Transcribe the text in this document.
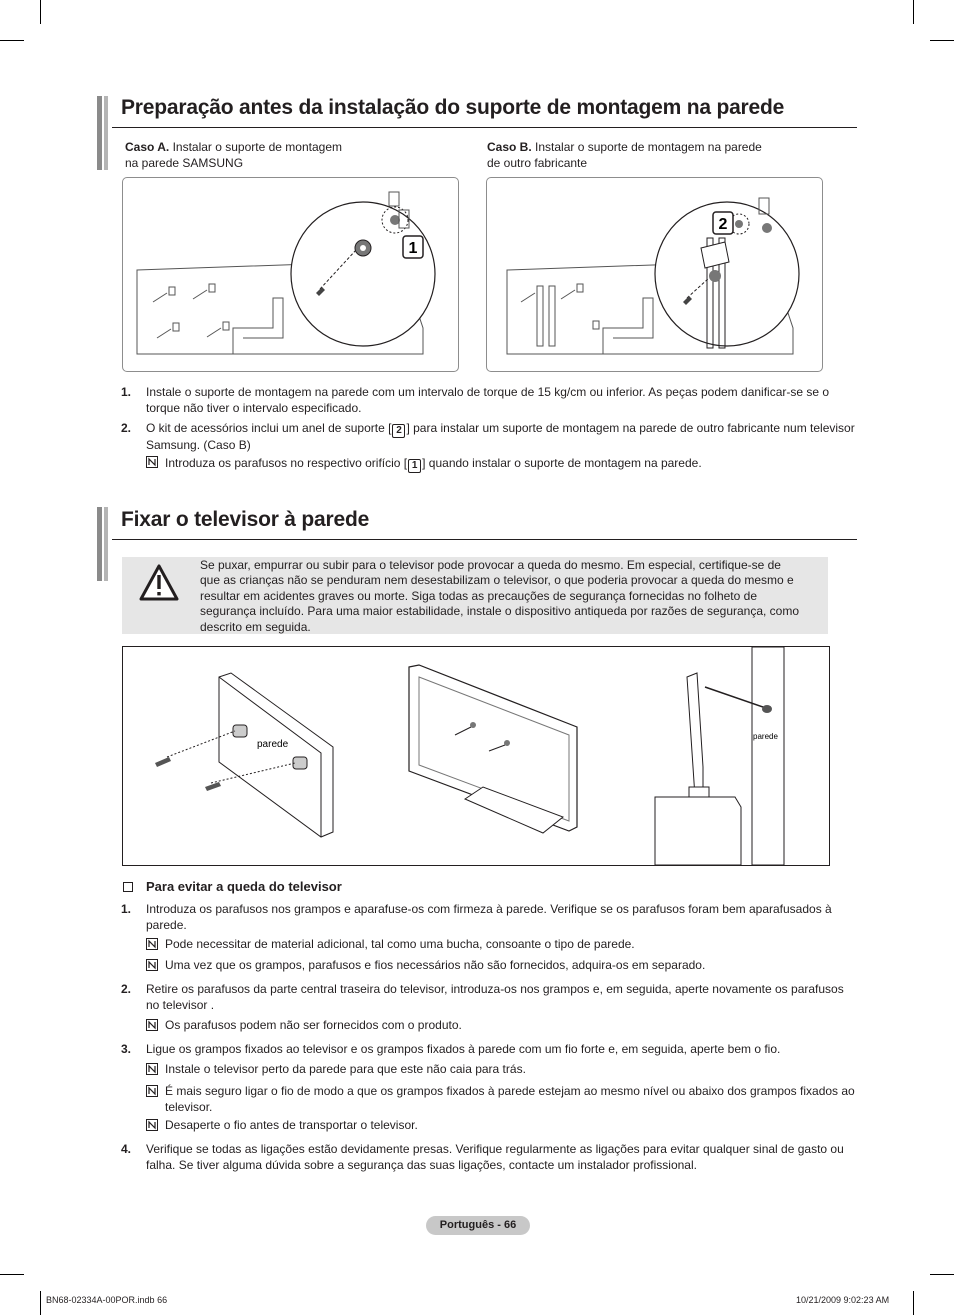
Preparação antes da instalação do suporte de montagem na parede
Caso A. Instalar o suporte de montagem
na parede SAMSUNG
Caso B. Instalar o suporte de montagem na parede
de outro fabricante
1
2
1. Instale o suporte de montagem na parede com um intervalo de torque de 15 kg/cm ou inferior. As peças podem danificar-se se o torque não tiver o intervalo especificado.
2. O kit de acessórios inclui um anel de suporte [ 2 ] para instalar um suporte de montagem na parede de outro fabricante num televisor Samsung. (Caso B)
Introduza os parafusos no respectivo orifício [ 1 ] quando instalar o suporte de montagem na parede.
Fixar o televisor à parede
Se puxar, empurrar ou subir para o televisor pode provocar a queda do mesmo. Em especial, certifique-se de que as crianças não se penduram nem desestabilizam o televisor, o que poderia provocar a queda do mesmo e resultar em acidentes graves ou morte. Siga todas as precauções de segurança fornecidas no folheto de segurança incluído. Para uma maior estabilidade, instale o dispositivo antiqueda por razões de segurança, como descrito em seguida.
parede
parede
Para evitar a queda do televisor
1. Introduza os parafusos nos grampos e aparafuse-os com firmeza à parede. Verifique se os parafusos foram bem aparafusados à parede.
Pode necessitar de material adicional, tal como uma bucha, consoante o tipo de parede.
Uma vez que os grampos, parafusos e fios necessários não são fornecidos, adquira-os em separado.
2. Retire os parafusos da parte central traseira do televisor, introduza-os nos grampos e, em seguida, aperte novamente os parafusos no televisor .
Os parafusos podem não ser fornecidos com o produto.
3. Ligue os grampos fixados ao televisor e os grampos fixados à parede com um fio forte e, em seguida, aperte bem o fio.
Instale o televisor perto da parede para que este não caia para trás.
É mais seguro ligar o fio de modo a que os grampos fixados à parede estejam ao mesmo nível ou abaixo dos grampos fixados ao televisor.
Desaperte o fio antes de transportar o televisor.
4. Verifique se todas as ligações estão devidamente presas. Verifique regularmente as ligações para evitar qualquer sinal de gasto ou falha. Se tiver alguma dúvida sobre a segurança das suas ligações, contacte um instalador profissional.
Português - 66
BN68-02334A-00POR.indb 66	10/21/2009 9:02:23 AM
